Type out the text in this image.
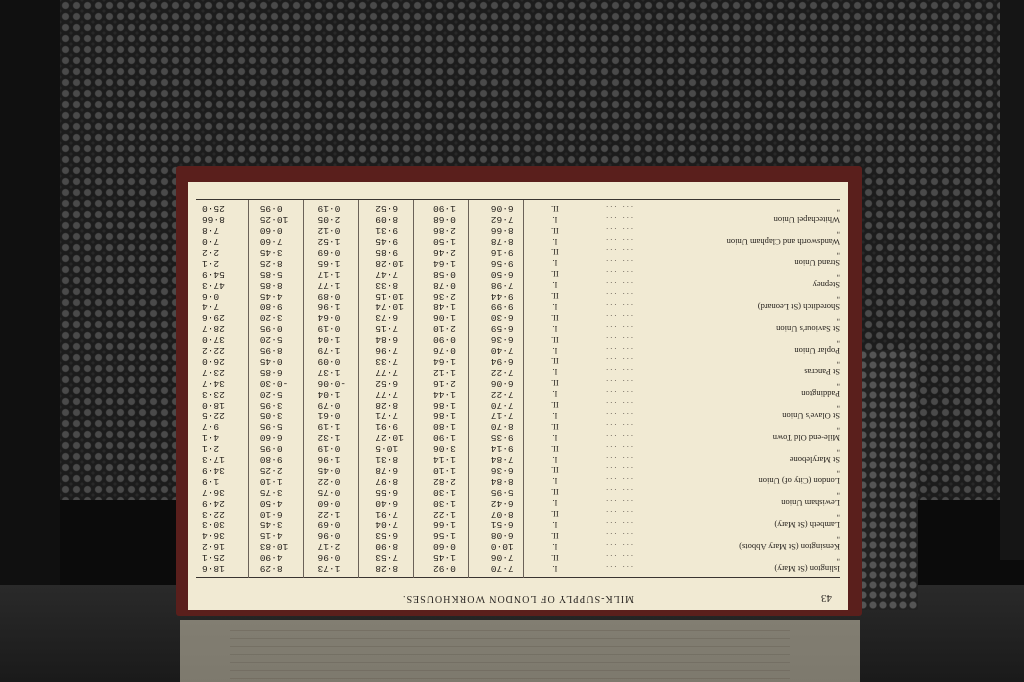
MILK-SUPPLY OF LONDON WORKHOUSES.	43
Islington (St Mary)
... ...
I.
7·70
0·92
8·28
1·73
8·29
18·6
"
... ...
II.
7·06
1·45
7·53
0·96
4·90
25·1
Kensington (St Mary Abbots)
... ...
I.
10·0
0·60
8·90
2·17
10·83
16·2
"
... ...
II.
6·08
1·56
6·53
0·96
4·15
36·4
Lambeth (St Mary)
... ...
I.
6·51
1·66
7·04
0·69
3·45
30·3
"
... ...
II.
8·07
1·22
7·91
1·22
6·10
22·3
Lewisham Union
... ...
I.
6·42
1·30
6·40
0·60
4·50
24·9
"
... ...
II.
5·95
1·30
6·55
0·75
3·75
36·7
London (City of) Union
... ...
I.
8·84
2·82
8·97
0·22
1·10
1·9
"
... ...
II.
6·36
1·10
6·78
0·45
2·25
34·9
St Marylebone
... ...
I.
7·84
1·14
8·31
1·96
9·80
17·3
"
... ...
II.
9·14
3·06
10·5
0·19
0·95
2·1
Mile-end Old Town
... ...
I.
9·35
1·90
10·27
1·32
6·60
4·1
"
... ...
II.
8·70
1·80
9·91
1·19
5·95
9·7
St Olave's Union
... ...
I.
7·17
1·86
7·71
0·61
3·05
22·5
"
... ...
II.
7·70
1·86
8·28
0·79
3·95
18·0
Paddington
... ...
I.
7·22
1·44
7·77
1·04
5·20
23·3
"
... ...
II.
6·06
2·16
6·52
-0·06
-0·30
34·7
St Pancras
... ...
I.
7·22
1·12
7·77
1·37
6·85
23·7
"
... ...
II.
6·94
1·64
7·33
0·09
0·45
26·0
Poplar Union
... ...
I.
7·40
0·76
7·96
1·79
8·95
22·2
"
... ...
II.
6·36
0·90
6·84
1·04
5·20
37·0
St Saviour's Union
... ...
I.
6·59
2·10
7·15
0·19
0·95
28·7
"
... ...
II.
6·30
1·06
6·73
0·64
3·20
29·6
Shoreditch (St Leonard)
... ...
I.
9·99
1·48
10·74
1·96
9·80
7·4
"
... ...
II.
9·44
2·36
10·15
0·89
4·45
0·6
Stepney
... ...
I.
7·98
0·78
8·33
1·77
8·85
47·3
"
... ...
II.
6·50
0·58
7·47
1·17
5·85
54·9
Strand Union
... ...
I.
9·56
1·64
10·28
1·65
8·25
2·1
"
... ...
II.
9·16
2·46
9·85
0·69
3·45
2·2
Wandsworth and Clapham Union
... ...
I.
8·78
1·50
9·45
1·52
7·60
7·0
"
... ...
II.
8·66
2·86
9·31
0·12
0·60
7·8
Whitechapel Union
... ...
I.
7·62
0·68
8·09
2·05
10·25
8·66
"
... ...
II.
6·06
1·90
6·52
0·19
0·95
25·0
